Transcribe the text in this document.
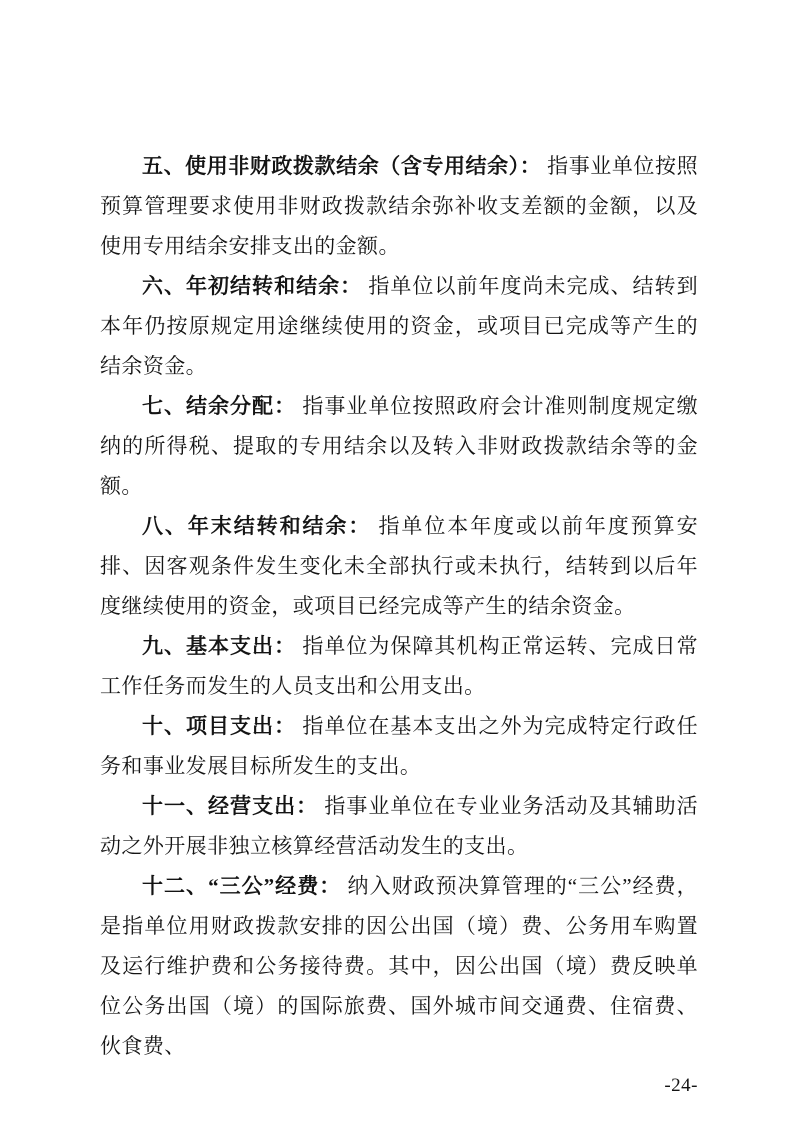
五、使用非财政拨款结余（含专用结余）： 指事业单位按照预算管理要求使用非财政拨款结余弥补收支差额的金额，以及使用专用结余安排支出的金额。

六、年初结转和结余： 指单位以前年度尚未完成、结转到本年仍按原规定用途继续使用的资金，或项目已完成等产生的结余资金。

七、结余分配： 指事业单位按照政府会计准则制度规定缴纳的所得税、提取的专用结余以及转入非财政拨款结余等的金额。

八、年末结转和结余： 指单位本年度或以前年度预算安排、因客观条件发生变化未全部执行或未执行，结转到以后年度继续使用的资金，或项目已经完成等产生的结余资金。

九、基本支出： 指单位为保障其机构正常运转、完成日常工作任务而发生的人员支出和公用支出。

十、项目支出： 指单位在基本支出之外为完成特定行政任务和事业发展目标所发生的支出。

十一、经营支出： 指事业单位在专业业务活动及其辅助活动之外开展非独立核算经营活动发生的支出。

十二、“三公”经费： 纳入财政预决算管理的“三公”经费，是指单位用财政拨款安排的因公出国（境）费、公务用车购置及运行维护费和公务接待费。其中，因公出国（境）费反映单位公务出国（境）的国际旅费、国外城市间交通费、住宿费、伙食费、

-24-
